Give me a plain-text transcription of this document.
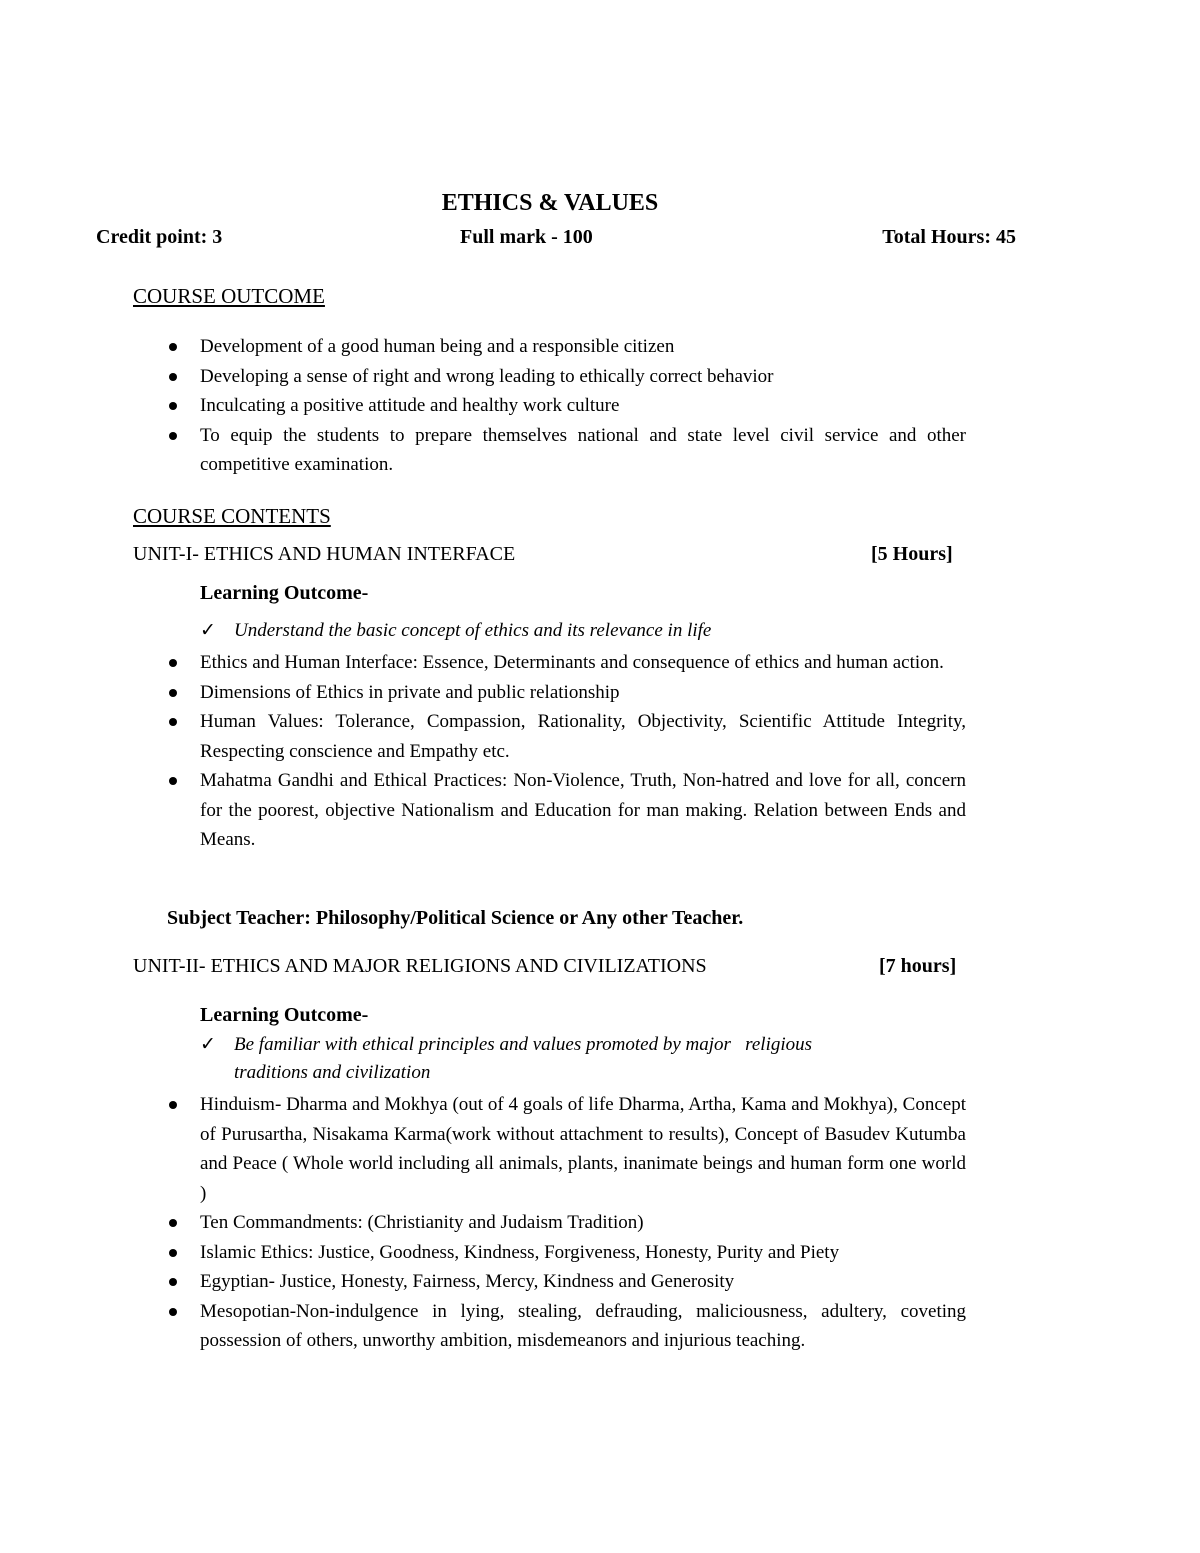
ETHICS & VALUES
Credit point: 3	Full mark - 100	Total Hours: 45
COURSE OUTCOME
Development of a good human being and a responsible citizen
Developing a sense of right and wrong leading to ethically correct behavior
Inculcating a positive attitude and healthy work culture
To equip the students to prepare themselves national and state level civil service and other competitive examination.
COURSE CONTENTS
UNIT-I- ETHICS AND HUMAN INTERFACE	[5 Hours]
Learning Outcome-
✓ Understand the basic concept of ethics and its relevance in life
Ethics and Human Interface: Essence, Determinants and consequence of ethics and human action.
Dimensions of Ethics in private and public relationship
Human Values: Tolerance, Compassion, Rationality, Objectivity, Scientific Attitude Integrity, Respecting conscience and Empathy etc.
Mahatma Gandhi and Ethical Practices: Non-Violence, Truth, Non-hatred and love for all, concern for the poorest, objective Nationalism and Education for man making. Relation between Ends and Means.
Subject Teacher: Philosophy/Political Science or Any other Teacher.
UNIT-II- ETHICS AND MAJOR RELIGIONS AND CIVILIZATIONS	[7 hours]
Learning Outcome-
✓ Be familiar with ethical principles and values promoted by major   religious
traditions and civilization
Hinduism- Dharma and Mokhya (out of 4 goals of life Dharma, Artha, Kama and Mokhya), Concept of Purusartha, Nisakama Karma(work without attachment to results), Concept of Basudev Kutumba and Peace ( Whole world including all animals, plants, inanimate beings and human form one world )
Ten Commandments: (Christianity and Judaism Tradition)
Islamic Ethics: Justice, Goodness, Kindness, Forgiveness, Honesty, Purity and Piety
Egyptian- Justice, Honesty, Fairness, Mercy, Kindness and Generosity
Mesopotian-Non-indulgence in lying, stealing, defrauding, maliciousness, adultery, coveting possession of others, unworthy ambition, misdemeanors and injurious teaching.
